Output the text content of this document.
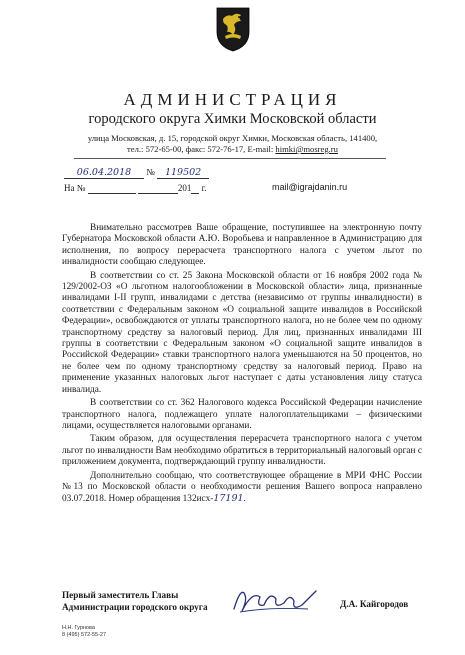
АДМИНИСТРАЦИЯ
городского округа Химки Московской области
улица Московская, д. 15, городской округ Химки, Московская область, 141400,
тел.: 572-65-00, факс: 572-76-17, E-mail: himki@mosreg.ru
06.04.2018 № 119502
На №	201 г.	mail@igrajdanin.ru

Внимательно рассмотрев Ваше обращение, поступившее на электронную почту Губернатора Московской области А.Ю. Воробьева и направленное в Администрацию для исполнения, по вопросу перерасчета транспортного налога с учетом льгот по инвалидности сообщаю следующее.

В соответствии со ст. 25 Закона Московской области от 16 ноября 2002 года № 129/2002-ОЗ «О льготном налогообложении в Московской области» лица, признанные инвалидами I-II групп, инвалидами с детства (независимо от группы инвалидности) в соответствии с Федеральным законом «О социальной защите инвалидов в Российской Федерации», освобождаются от уплаты транспортного налога, но не более чем по одному транспортному средству за налоговый период. Для лиц, признанных инвалидами III группы в соответствии с Федеральным законом «О социальной защите инвалидов в Российской Федерации» ставки транспортного налога уменьшаются на 50 процентов, но не более чем по одному транспортному средству за налоговый период. Право на применение указанных налоговых льгот наступает с даты установления лицу статуса инвалида.

В соответствии со ст. 362 Налогового кодекса Российской Федерации начисление транспортного налога, подлежащего уплате налогоплательщиками – физическими лицами, осуществляется налоговыми органами.

Таким образом, для осуществления перерасчета транспортного налога с учетом льгот по инвалидности Вам необходимо обратиться в территориальный налоговый орган с приложением документа, подтверждающий группу инвалидности.

Дополнительно сообщаю, что соответствующее обращение в МРИ ФНС России №13 по Московской области о необходимости решения Вашего вопроса направлено 03.07.2018. Номер обращения 132исх-17191.

Первый заместитель Главы
Администрации городского округа	Д.А. Кайгородов
Н.Н. Гурнова
8 (495) 572-55-27
